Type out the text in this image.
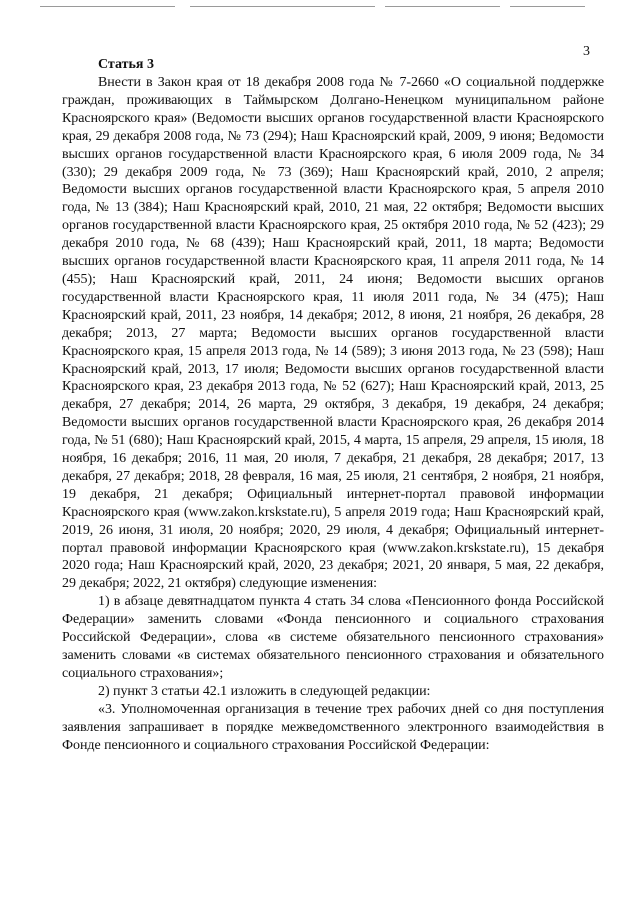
3

Статья 3

Внести в Закон края от 18 декабря 2008 года № 7-2660 «О социальной поддержке граждан, проживающих в Таймырском Долгано-Ненецком муниципальном районе Красноярского края» (Ведомости высших органов государственной власти Красноярского края, 29 декабря 2008 года, № 73 (294); Наш Красноярский край, 2009, 9 июня; Ведомости высших органов государственной власти Красноярского края, 6 июля 2009 года, № 34 (330); 29 декабря 2009 года, № 73 (369); Наш Красноярский край, 2010, 2 апреля; Ведомости высших органов государственной власти Красноярского края, 5 апреля 2010 года, № 13 (384); Наш Красноярский край, 2010, 21 мая, 22 октября; Ведомости высших органов государственной власти Красноярского края, 25 октября 2010 года, № 52 (423); 29 декабря 2010 года, № 68 (439); Наш Красноярский край, 2011, 18 марта; Ведомости высших органов государственной власти Красноярского края, 11 апреля 2011 года, № 14 (455); Наш Красноярский край, 2011, 24 июня; Ведомости высших органов государственной власти Красноярского края, 11 июля 2011 года, № 34 (475); Наш Красноярский край, 2011, 23 ноября, 14 декабря; 2012, 8 июня, 21 ноября, 26 декабря, 28 декабря; 2013, 27 марта; Ведомости высших органов государственной власти Красноярского края, 15 апреля 2013 года, № 14 (589); 3 июня 2013 года, № 23 (598); Наш Красноярский край, 2013, 17 июля; Ведомости высших органов государственной власти Красноярского края, 23 декабря 2013 года, № 52 (627); Наш Красноярский край, 2013, 25 декабря, 27 декабря; 2014, 26 марта, 29 октября, 3 декабря, 19 декабря, 24 декабря; Ведомости высших органов государственной власти Красноярского края, 26 декабря 2014 года, № 51 (680); Наш Красноярский край, 2015, 4 марта, 15 апреля, 29 апреля, 15 июля, 18 ноября, 16 декабря; 2016, 11 мая, 20 июля, 7 декабря, 21 декабря, 28 декабря; 2017, 13 декабря, 27 декабря; 2018, 28 февраля, 16 мая, 25 июля, 21 сентября, 2 ноября, 21 ноября, 19 декабря, 21 декабря; Официальный интернет-портал правовой информации Красноярского края (www.zakon.krskstate.ru), 5 апреля 2019 года; Наш Красноярский край, 2019, 26 июня, 31 июля, 20 ноября; 2020, 29 июля, 4 декабря; Официальный интернет-портал правовой информации Красноярского края (www.zakon.krskstate.ru), 15 декабря 2020 года; Наш Красноярский край, 2020, 23 декабря; 2021, 20 января, 5 мая, 22 декабря, 29 декабря; 2022, 21 октября) следующие изменения:

1) в абзаце девятнадцатом пункта 4 стать 34 слова «Пенсионного фонда Российской Федерации» заменить словами «Фонда пенсионного и социального страхования Российской Федерации», слова «в системе обязательного пенсионного страхования» заменить словами «в системах обязательного пенсионного страхования и обязательного социального страхования»;

2) пункт 3 статьи 42.1 изложить в следующей редакции:

«3. Уполномоченная организация в течение трех рабочих дней со дня поступления заявления запрашивает в порядке межведомственного электронного взаимодействия в Фонде пенсионного и социального страхования Российской Федерации:
